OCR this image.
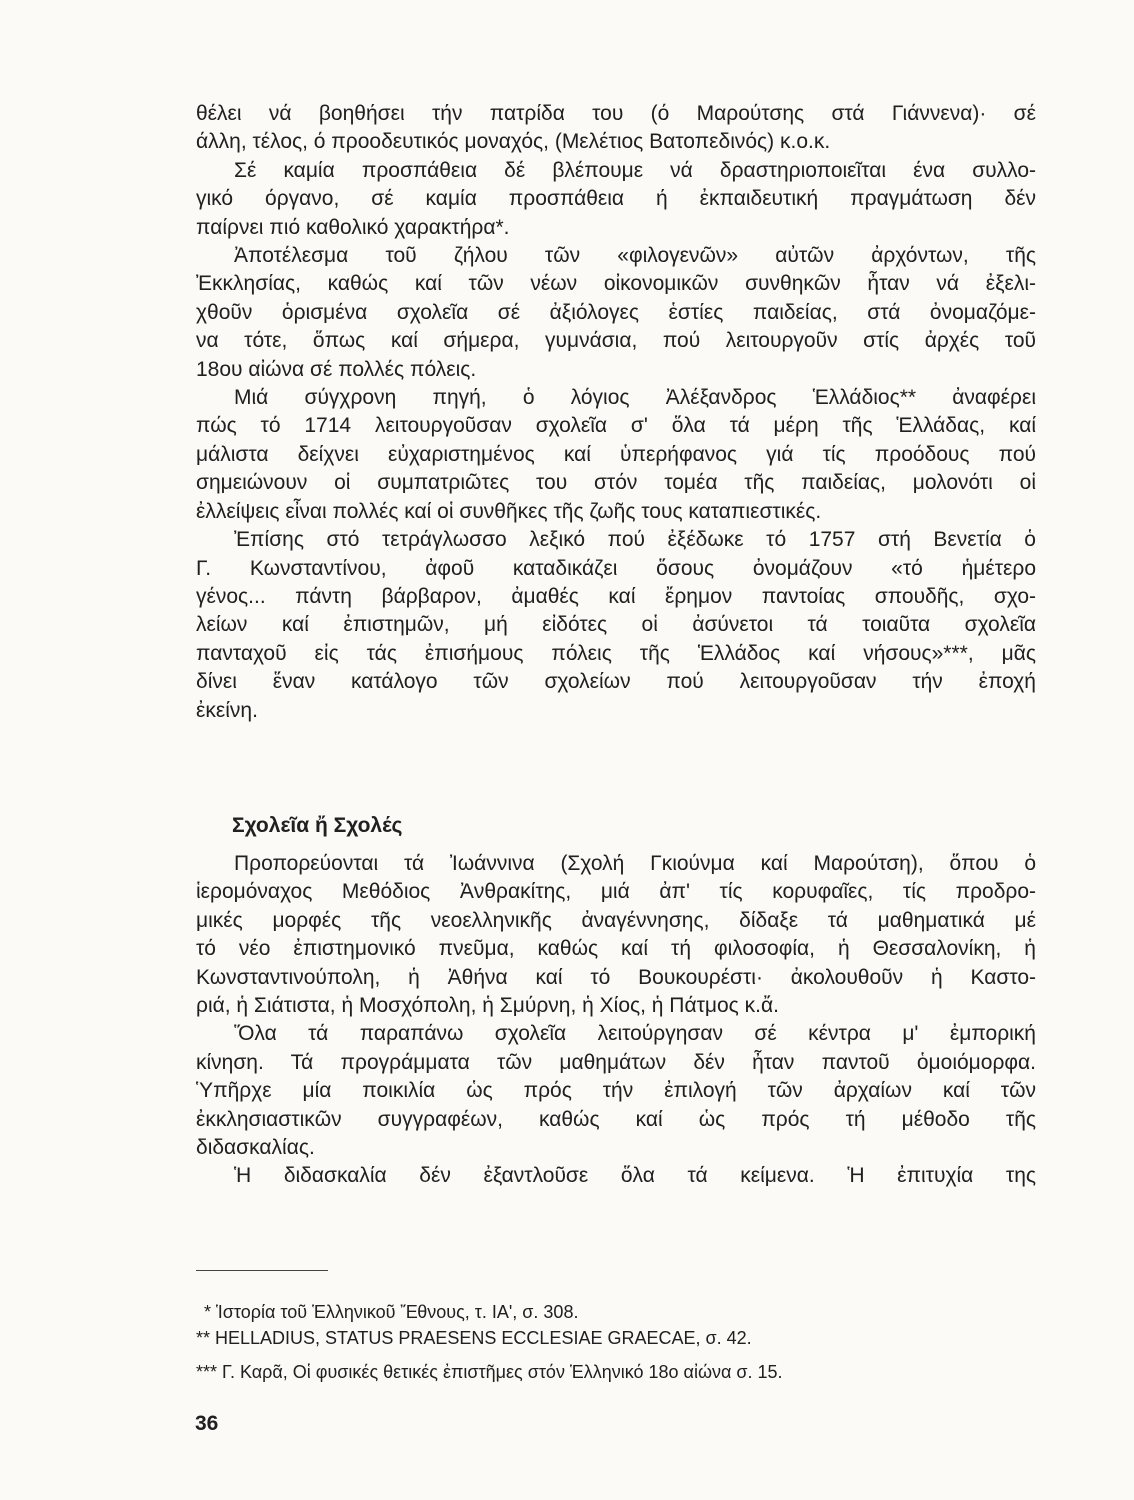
θέλει νά βοηθήσει τήν πατρίδα του (ό Μαρούτσης στά Γιάννενα)· σέ
άλλη, τέλος, ό προοδευτικός μοναχός, (Μελέτιος Βατοπεδινός) κ.ο.κ.

Σέ καμία προσπάθεια δέ βλέπουμε νά δραστηριοποιεῖται ένα συλλο-
γικό όργανο, σέ καμία προσπάθεια ή ἐκπαιδευτική πραγμάτωση δέν
παίρνει πιό καθολικό χαρακτήρα*.

Ἀποτέλεσμα τοῦ ζήλου τῶν «φιλογενῶν» αὐτῶν ἀρχόντων, τῆς
Ἐκκλησίας, καθώς καί τῶν νέων οἰκονομικῶν συνθηκῶν ἦταν νά ἐξελι-
χθοῦν ὁρισμένα σχολεῖα σέ ἀξιόλογες ἑστίες παιδείας, στά ὀνομαζόμε-
να τότε, ὅπως καί σήμερα, γυμνάσια, πού λειτουργοῦν στίς ἀρχές τοῦ
18ου αἰώνα σέ πολλές πόλεις.

Μιά σύγχρονη πηγή, ὁ λόγιος Ἀλέξανδρος Ἑλλάδιος** ἀναφέρει
πώς τό 1714 λειτουργοῦσαν σχολεῖα σ' ὅλα τά μέρη τῆς Ἑλλάδας, καί
μάλιστα δείχνει εὐχαριστημένος καί ὑπερήφανος γιά τίς προόδους πού
σημειώνουν οἱ συμπατριῶτες του στόν τομέα τῆς παιδείας, μολονότι οἱ
ἐλλείψεις εἶναι πολλές καί οἱ συνθῆκες τῆς ζωῆς τους καταπιεστικές.

Ἐπίσης στό τετράγλωσσο λεξικό πού ἐξέδωκε τό 1757 στή Βενετία ὁ
Γ. Κωνσταντίνου, ἀφοῦ καταδικάζει ὅσους ὀνομάζουν «τό ἡμέτερο
γένος... πάντη βάρβαρον, ἀμαθές καί ἔρημον παντοίας σπουδῆς, σχο-
λείων καί ἐπιστημῶν, μή εἰδότες οἱ ἀσύνετοι τά τοιαῦτα σχολεῖα
πανταχοῦ εἰς τάς ἐπισήμους πόλεις τῆς Ἑλλάδος καί νήσους»***, μᾶς
δίνει ἕναν κατάλογο τῶν σχολείων πού λειτουργοῦσαν τήν ἐποχή
ἐκείνη.

Σχολεῖα ἤ Σχολές

Προπορεύονται τά Ἰωάννινα (Σχολή Γκιούνμα καί Μαρούτση), ὅπου ὁ
ἱερομόναχος Μεθόδιος Ἀνθρακίτης, μιά ἀπ' τίς κορυφαῖες, τίς προδρο-
μικές μορφές τῆς νεοελληνικῆς ἀναγέννησης, δίδαξε τά μαθηματικά μέ
τό νέο ἐπιστημονικό πνεῦμα, καθώς καί τή φιλοσοφία, ἡ Θεσσαλονίκη, ἡ
Κωνσταντινούπολη, ἡ Ἀθήνα καί τό Βουκουρέστι· ἀκολουθοῦν ἡ Καστο-
ριά, ἡ Σιάτιστα, ἡ Μοσχόπολη, ἡ Σμύρνη, ἡ Χίος, ἡ Πάτμος κ.ἄ.

Ὅλα τά παραπάνω σχολεῖα λειτούργησαν σέ κέντρα μ' ἐμπορική
κίνηση. Τά προγράμματα τῶν μαθημάτων δέν ἦταν παντοῦ ὁμοιόμορφα.
Ὑπῆρχε μία ποικιλία ὡς πρός τήν ἐπιλογή τῶν ἀρχαίων καί τῶν
ἐκκλησιαστικῶν συγγραφέων, καθώς καί ὡς πρός τή μέθοδο τῆς
διδασκαλίας.

Ἡ διδασκαλία δέν ἐξαντλοῦσε ὅλα τά κείμενα. Ἡ ἐπιτυχία της

* Ἱστορία τοῦ Ἑλληνικοῦ Ἔθνους, τ. ΙΑ', σ. 308.
** HELLADIUS, STATUS PRAESENS ECCLESIAE GRAECAE, σ. 42.
*** Γ. Καρᾶ, Οἱ φυσικές θετικές ἐπιστῆμες στόν Ἑλληνικό 18ο αἰώνα σ. 15.
36
